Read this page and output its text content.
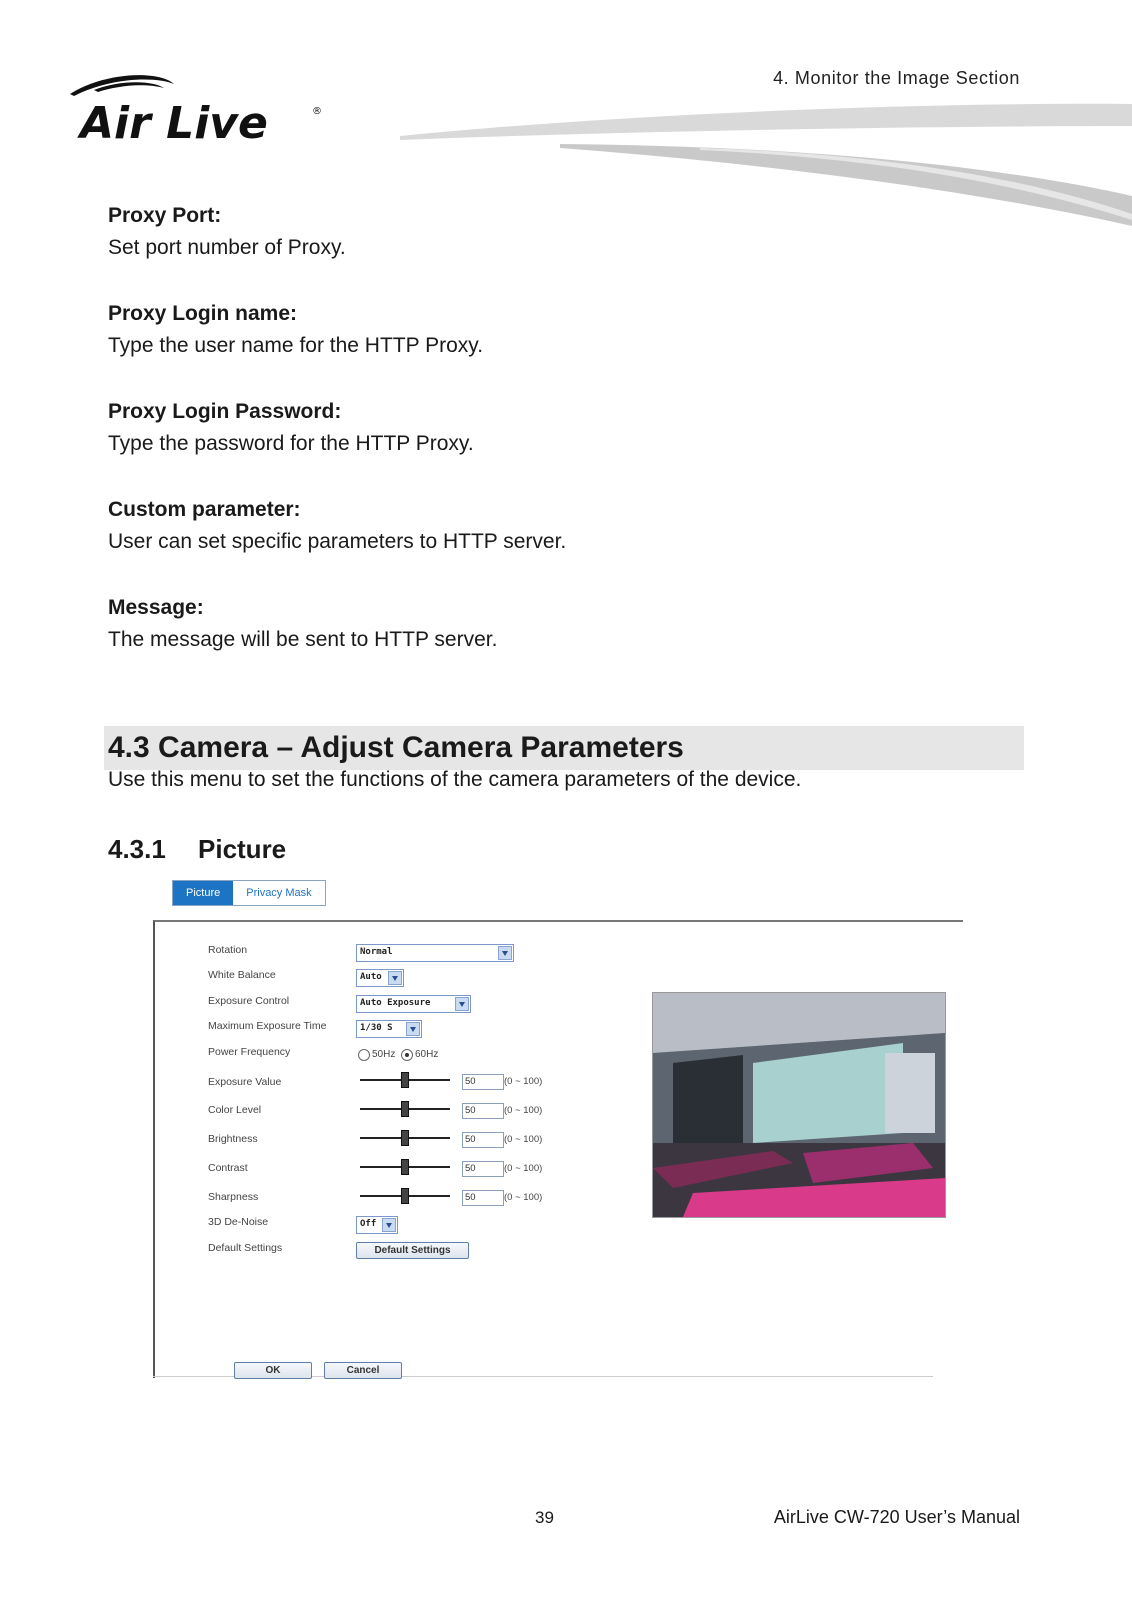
4. Monitor the Image Section
Air Live	®
Proxy Port:
Set port number of Proxy.
Proxy Login name:
Type the user name for the HTTP Proxy.
Proxy Login Password:
Type the password for the HTTP Proxy.
Custom parameter:
User can set specific parameters to HTTP server.
Message:
The message will be sent to HTTP server.
4.3 Camera – Adjust Camera Parameters
Use this menu to set the functions of the camera parameters of the device.
4.3.1 Picture
Picture	Privacy Mask
Rotation	Normal
White Balance	Auto
Exposure Control	Auto Exposure
Maximum Exposure Time	1/30 S
Power Frequency	50Hz 60Hz
Exposure Value	50	(0 ~ 100)
Color Level	50	(0 ~ 100)
Brightness	50	(0 ~ 100)
Contrast	50	(0 ~ 100)
Sharpness	50	(0 ~ 100)
3D De-Noise	Off
Default Settings	Default Settings
OK	Cancel
39	AirLive CW-720 User’s Manual
